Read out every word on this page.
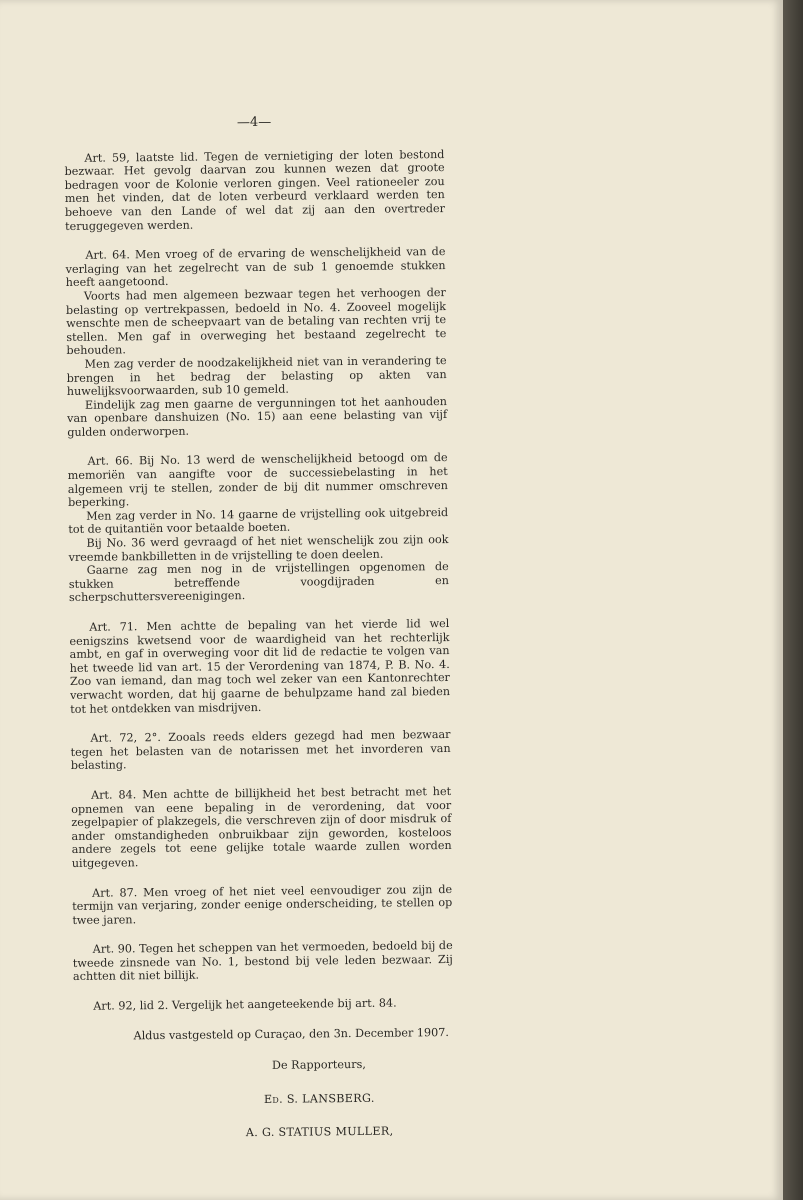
—4—

Art. 59, laatste lid. Tegen de vernietiging der loten bestond bezwaar. Het gevolg daarvan zou kunnen wezen dat groote bedragen voor de Kolonie verloren gingen. Veel rationeeler zou men het vinden, dat de loten verbeurd verklaard werden ten behoeve van den Lande of wel dat zij aan den overtreder teruggegeven werden.

Art. 64. Men vroeg of de ervaring de wenschelijkheid van de verlaging van het zegelrecht van de sub 1 genoemde stukken heeft aangetoond.

Voorts had men algemeen bezwaar tegen het verhoogen der belasting op vertrekpassen, bedoeld in No. 4. Zooveel mogelijk wenschte men de scheepvaart van de betaling van rechten vrij te stellen. Men gaf in overweging het bestaand zegelrecht te behouden.

Men zag verder de noodzakelijkheid niet van in verandering te brengen in het bedrag der belasting op akten van huwelijksvoorwaarden, sub 10 gemeld.

Eindelijk zag men gaarne de vergunningen tot het aanhouden van openbare danshuizen (No. 15) aan eene belasting van vijf gulden onderworpen.

Art. 66. Bij No. 13 werd de wenschelijkheid betoogd om de memoriën van aangifte voor de successiebelasting in het algemeen vrij te stellen, zonder de bij dit nummer omschreven beperking.

Men zag verder in No. 14 gaarne de vrijstelling ook uitgebreid tot de quitantiën voor betaalde boeten.

Bij No. 36 werd gevraagd of het niet wenschelijk zou zijn ook vreemde bankbilletten in de vrijstelling te doen deelen.

Gaarne zag men nog in de vrijstellingen opgenomen de stukken betreffende voogdijraden en scherpschuttersvereenigingen.

Art. 71. Men achtte de bepaling van het vierde lid wel eenigszins kwetsend voor de waardigheid van het rechterlijk ambt, en gaf in overweging voor dit lid de redactie te volgen van het tweede lid van art. 15 der Verordening van 1874, P. B. No. 4. Zoo van iemand, dan mag toch wel zeker van een Kantonrechter verwacht worden, dat hij gaarne de behulpzame hand zal bieden tot het ontdekken van misdrijven.

Art. 72, 2°. Zooals reeds elders gezegd had men bezwaar tegen het belasten van de notarissen met het invorderen van belasting.

Art. 84. Men achtte de billijkheid het best betracht met het opnemen van eene bepaling in de verordening, dat voor zegelpapier of plakzegels, die verschreven zijn of door misdruk of ander omstandigheden onbruikbaar zijn geworden, kosteloos andere zegels tot eene gelijke totale waarde zullen worden uitgegeven.

Art. 87. Men vroeg of het niet veel eenvoudiger zou zijn de termijn van verjaring, zonder eenige onderscheiding, te stellen op twee jaren.

Art. 90. Tegen het scheppen van het vermoeden, bedoeld bij de tweede zinsnede van No. 1, bestond bij vele leden bezwaar. Zij achtten dit niet billijk.

Art. 92, lid 2. Vergelijk het aangeteekende bij art. 84.

Aldus vastgesteld op Curaçao, den 3n. December 1907.
De Rapporteurs,
Ed. S. LANSBERG.
A. G. STATIUS MULLER,
